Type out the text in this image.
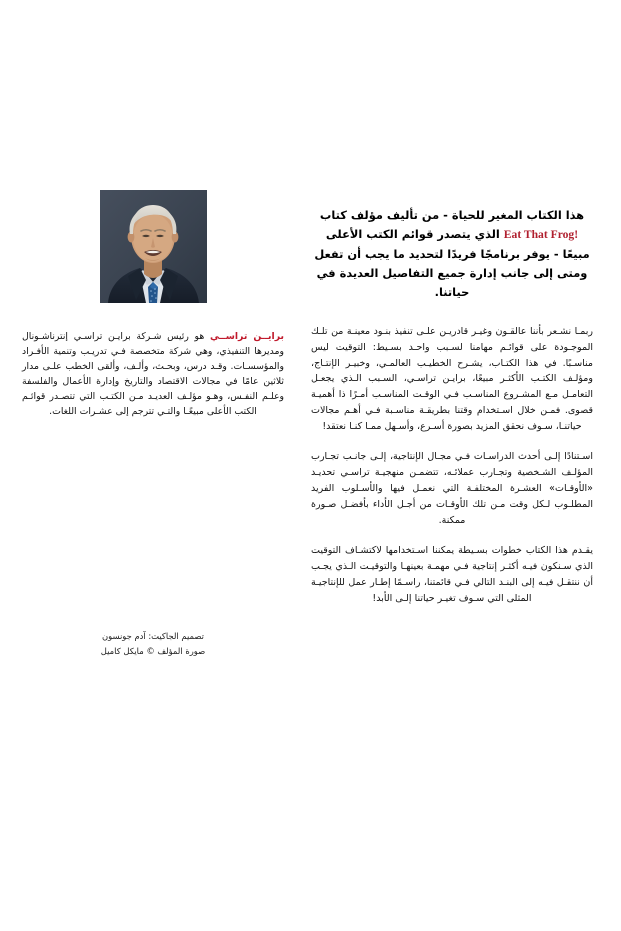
برايــن تراســي هو رئيس شـركة برايـن تراسـي إنترناشـونال ومديرها التنفيذي، وهي شركة متخصصة فـي تدريـب وتنمية الأفـراد والمؤسسـات. وقـد درس، وبحـث، وألـف، وألقى الخطب علـى مدار ثلاثين عامًا في مجالات الاقتصاد والتاريخ وإدارة الأعمال والفلسفة وعلـم النفـس، وهـو مؤلـف العديـد مـن الكتـب التي تتصـدر قوائـم الكتب الأعلى مبيعًـا والتـي تترجم إلى عشـرات اللغات.

تصميم الجاكيت: آدم جونسون
صورة المؤلف © مايكل كاميل

هذا الكتاب المغير للحياة - من تأليف مؤلف كتاب Eat That Frog! الذي يتصدر قوائم الكتب الأعلى مبيعًا - يوفر برنامجًا فريدًا لتحديد ما يجب أن تفعل ومتى إلى جانب إدارة جميع التفاصيل العديدة في حياتنا.

ربمـا نشـعر بأننا عالقـون وغيـر قادريـن علـى تنفيذ بنـود معينـة من تلـك الموجـودة على قوائـم مهامنا لسـبب واحـد بسـيط: التوقيت ليس مناسـبًا. في هذا الكتـاب، يشـرح الخطيـب العالمـي، وخبيـر الإنتـاج، ومؤلـف الكتـب الأكثـر مبيعًا، برايـن تراسـي، السـبب الـذي يجعـل التعامـل مـع المشـروع المناسـب فـي الوقـت المناسـب أمـرًا ذا أهميـة قصوى. فمـن خلال اسـتخدام وقتنا بطريقـة مناسـبة فـي أهـم مجالات حياتنـا، سـوف نحقق المزيد بصورة أسـرع، وأسـهل ممـا كنـا نعتقد!

اسـتنادًا إلـى أحدث الدراسـات فـي مجـال الإنتاجية، إلـى جانـب تجـارب المؤلـف الشـخصية وتجـارب عملائـه، تتضمـن منهجيـة تراسـي تحديـد «الأوقـات» العشـرة المختلفـة التي نعمـل فيها والأسـلوب الفريد المطلـوب لـكل وقت مـن تلك الأوقـات من أجـل الأداء بأفضـل صـورة ممكنة.

يقـدم هذا الكتاب خطوات بسـيطة يمكننا اسـتخدامها لاكتشـاف التوقيت الذي سـنكون فيـه أكثـر إنتاجية فـي مهمـة بعينهـا والتوقيـت الـذي يجـب أن ننتقـل فيـه إلى البنـد التالي فـي قائمتنا، راسـمًا إطـار عمل للإنتاجيـة المثلى التي سـوف تغيـر حياتنا إلـى الأبد!
